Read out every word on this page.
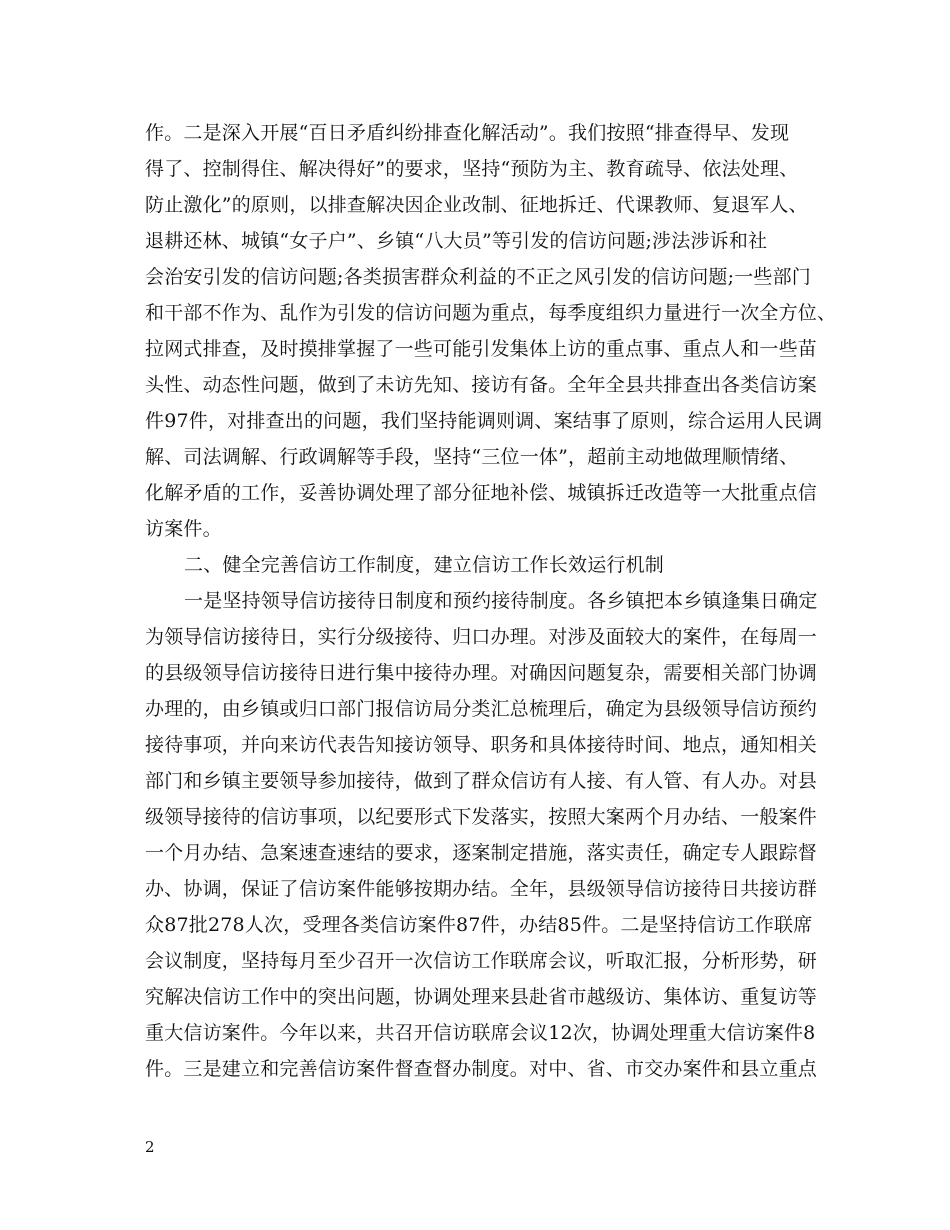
作。二是深入开展“百日矛盾纠纷排查化解活动”。我们按照“排查得早、发现
得了、控制得住、解决得好”的要求，坚持“预防为主、教育疏导、依法处理、
防止激化”的原则，以排查解决因企业改制、征地拆迁、代课教师、复退军人、
退耕还林、城镇“女子户”、乡镇“八大员”等引发的信访问题;涉法涉诉和社
会治安引发的信访问题;各类损害群众利益的不正之风引发的信访问题;一些部门
和干部不作为、乱作为引发的信访问题为重点，每季度组织力量进行一次全方位、
拉网式排查，及时摸排掌握了一些可能引发集体上访的重点事、重点人和一些苗
头性、动态性问题，做到了未访先知、接访有备。全年全县共排查出各类信访案
件97件，对排查出的问题，我们坚持能调则调、案结事了原则，综合运用人民调
解、司法调解、行政调解等手段，坚持“三位一体”，超前主动地做理顺情绪、
化解矛盾的工作，妥善协调处理了部分征地补偿、城镇拆迁改造等一大批重点信
访案件。
二、健全完善信访工作制度，建立信访工作长效运行机制
一是坚持领导信访接待日制度和预约接待制度。各乡镇把本乡镇逢集日确定
为领导信访接待日，实行分级接待、归口办理。对涉及面较大的案件，在每周一
的县级领导信访接待日进行集中接待办理。对确因问题复杂，需要相关部门协调
办理的，由乡镇或归口部门报信访局分类汇总梳理后，确定为县级领导信访预约
接待事项，并向来访代表告知接访领导、职务和具体接待时间、地点，通知相关
部门和乡镇主要领导参加接待，做到了群众信访有人接、有人管、有人办。对县
级领导接待的信访事项，以纪要形式下发落实，按照大案两个月办结、一般案件
一个月办结、急案速查速结的要求，逐案制定措施，落实责任，确定专人跟踪督
办、协调，保证了信访案件能够按期办结。全年，县级领导信访接待日共接访群
众87批278人次，受理各类信访案件87件，办结85件。二是坚持信访工作联席
会议制度，坚持每月至少召开一次信访工作联席会议，听取汇报，分析形势，研
究解决信访工作中的突出问题，协调处理来县赴省市越级访、集体访、重复访等
重大信访案件。今年以来，共召开信访联席会议12次，协调处理重大信访案件8
件。三是建立和完善信访案件督查督办制度。对中、省、市交办案件和县立重点
2
